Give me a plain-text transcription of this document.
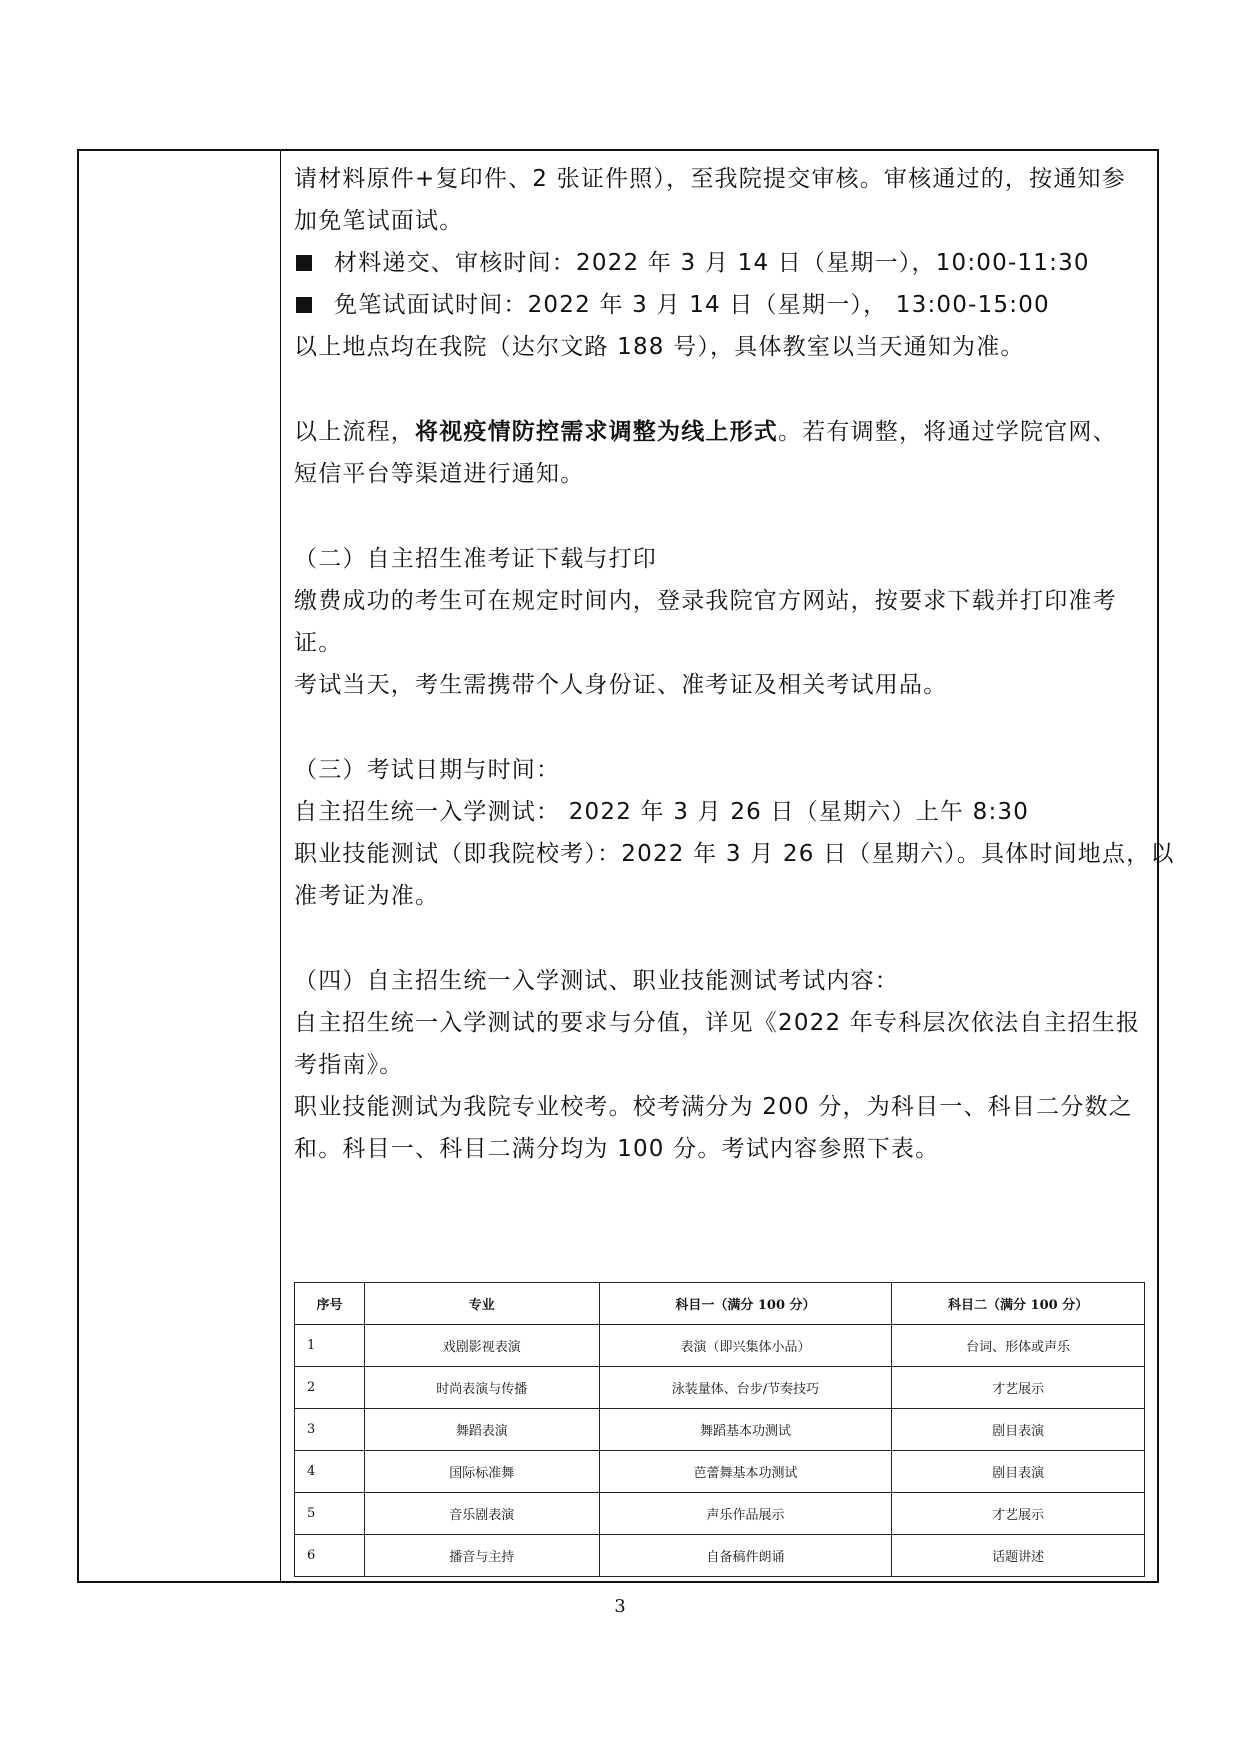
请材料原件+复印件、2 张证件照），至我院提交审核。审核通过的，按通知参
加免笔试面试。
材料递交、审核时间：2022 年 3 月 14 日（星期一），10:00-11:30
免笔试面试时间：2022 年 3 月 14 日（星期一）， 13:00-15:00
以上地点均在我院（达尔文路 188 号），具体教室以当天通知为准。
以上流程，将视疫情防控需求调整为线上形式。若有调整，将通过学院官网、
短信平台等渠道进行通知。
（二）自主招生准考证下载与打印
缴费成功的考生可在规定时间内，登录我院官方网站，按要求下载并打印准考
证。
考试当天，考生需携带个人身份证、准考证及相关考试用品。
（三）考试日期与时间：
自主招生统一入学测试： 2022 年 3 月 26 日（星期六）上午 8:30
职业技能测试（即我院校考）：2022 年 3 月 26 日（星期六）。具体时间地点，以
准考证为准。
（四）自主招生统一入学测试、职业技能测试考试内容：
自主招生统一入学测试的要求与分值，详见《2022 年专科层次依法自主招生报
考指南》。
职业技能测试为我院专业校考。校考满分为 200 分，为科目一、科目二分数之
和。科目一、科目二满分均为 100 分。考试内容参照下表。
序号	专业	科目一（满分 100 分）	科目二（满分 100 分）
1	戏剧影视表演	表演（即兴集体小品）	台词、形体或声乐
2	时尚表演与传播	泳装量体、台步/节奏技巧	才艺展示
3	舞蹈表演	舞蹈基本功测试	剧目表演
4	国际标准舞	芭蕾舞基本功测试	剧目表演
5	音乐剧表演	声乐作品展示	才艺展示
6	播音与主持	自备稿件朗诵	话题讲述
3
